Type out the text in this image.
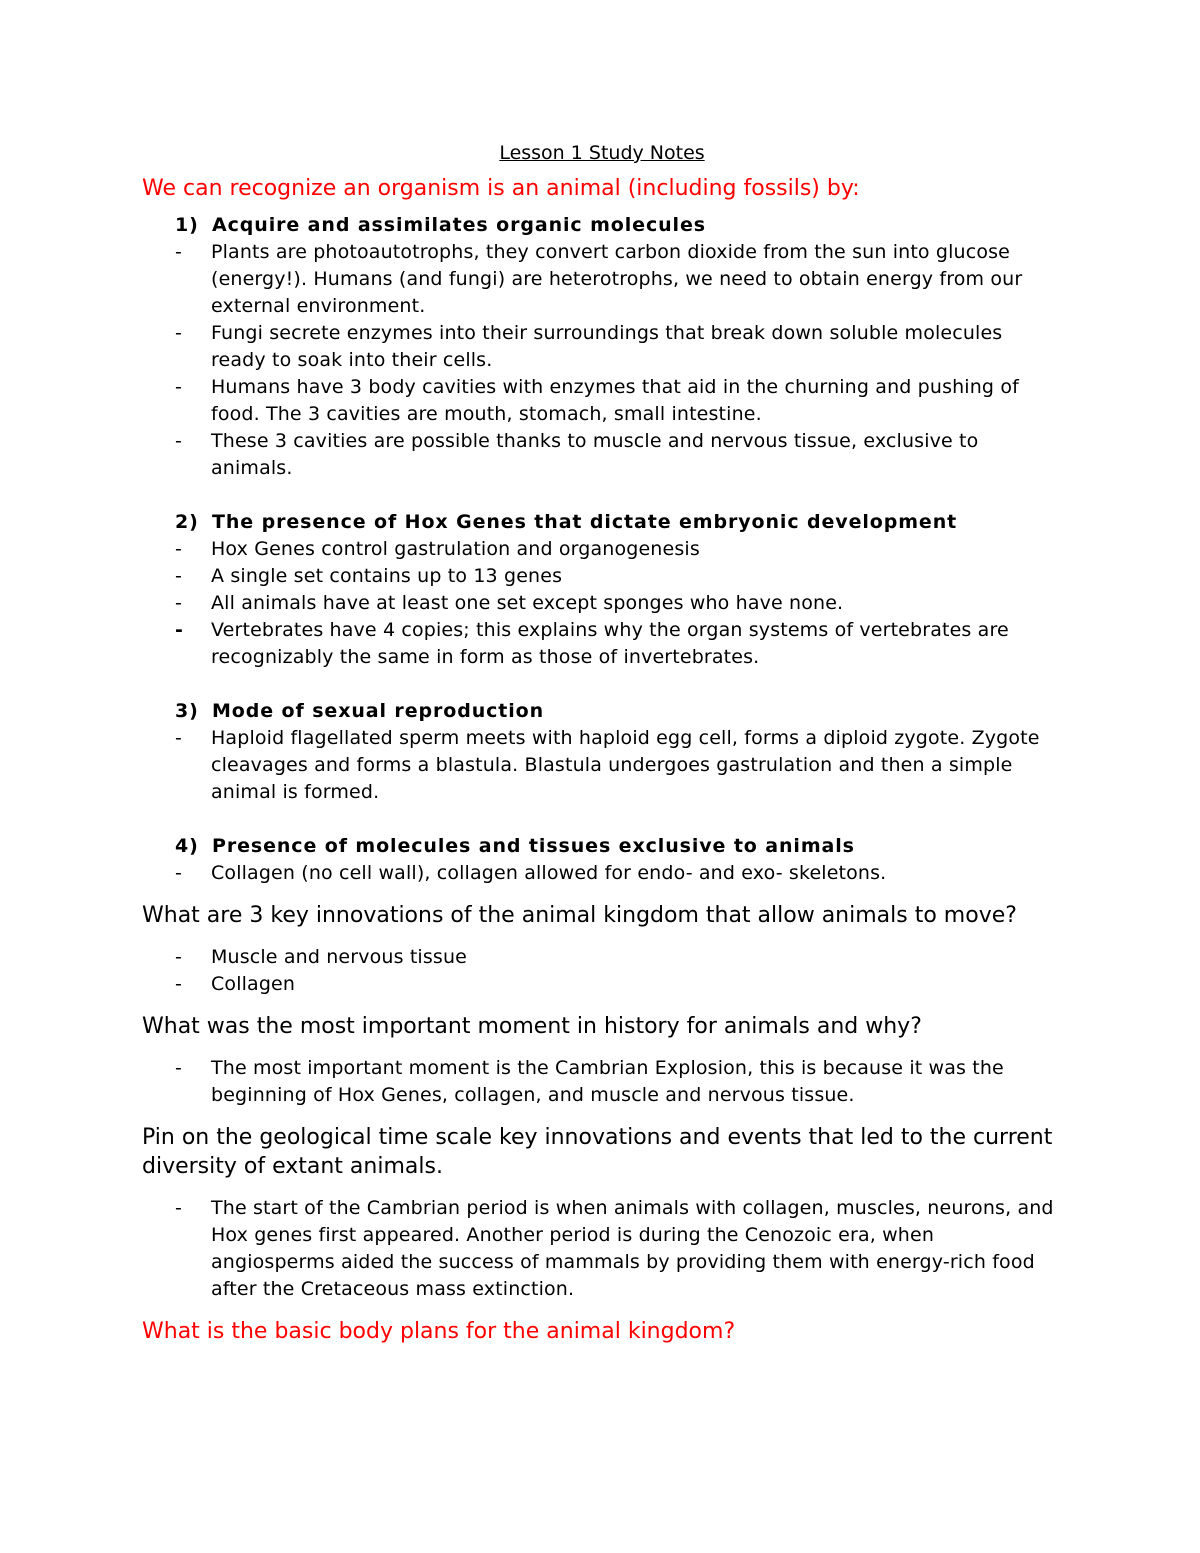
Lesson 1 Study Notes
We can recognize an organism is an animal (including fossils) by:
1) Acquire and assimilates organic molecules
- Plants are photoautotrophs, they convert carbon dioxide from the sun into glucose (energy!). Humans (and fungi) are heterotrophs, we need to obtain energy from our external environment.
- Fungi secrete enzymes into their surroundings that break down soluble molecules ready to soak into their cells.
- Humans have 3 body cavities with enzymes that aid in the churning and pushing of food. The 3 cavities are mouth, stomach, small intestine.
- These 3 cavities are possible thanks to muscle and nervous tissue, exclusive to animals.
2) The presence of Hox Genes that dictate embryonic development
- Hox Genes control gastrulation and organogenesis
- A single set contains up to 13 genes
- All animals have at least one set except sponges who have none.
- Vertebrates have 4 copies; this explains why the organ systems of vertebrates are recognizably the same in form as those of invertebrates.
3) Mode of sexual reproduction
- Haploid flagellated sperm meets with haploid egg cell, forms a diploid zygote. Zygote cleavages and forms a blastula. Blastula undergoes gastrulation and then a simple animal is formed.
4) Presence of molecules and tissues exclusive to animals
- Collagen (no cell wall), collagen allowed for endo- and exo- skeletons.
What are 3 key innovations of the animal kingdom that allow animals to move?
- Muscle and nervous tissue
- Collagen
What was the most important moment in history for animals and why?
- The most important moment is the Cambrian Explosion, this is because it was the beginning of Hox Genes, collagen, and muscle and nervous tissue.
Pin on the geological time scale key innovations and events that led to the current diversity of extant animals.
- The start of the Cambrian period is when animals with collagen, muscles, neurons, and Hox genes first appeared. Another period is during the Cenozoic era, when angiosperms aided the success of mammals by providing them with energy-rich food after the Cretaceous mass extinction.
What is the basic body plans for the animal kingdom?
